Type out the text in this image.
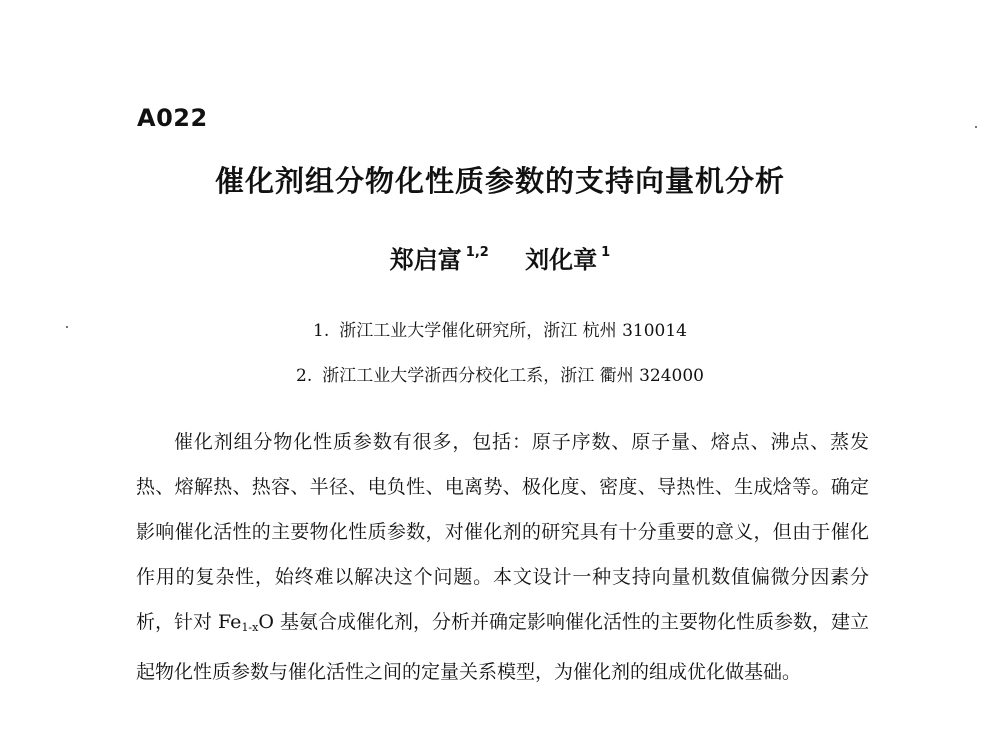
A022
催化剂组分物化性质参数的支持向量机分析
郑启富 $^{1,2}$ 刘化章 $^1$
1. 浙江工业大学催化研究所，浙江 杭州 310014
2. 浙江工业大学浙西分校化工系，浙江 衢州 324000
催化剂组分物化性质参数有很多，包括：原子序数、原子量、熔点、沸点、蒸发热、熔解热、热容、半径、电负性、电离势、极化度、密度、导热性、生成焓等。确定影响催化活性的主要物化性质参数，对催化剂的研究具有十分重要的意义，但由于催化作用的复杂性，始终难以解决这个问题。本文设计一种支持向量机数值偏微分因素分析，针对 $Fe_{1-x}O$ 基氨合成催化剂，分析并确定影响催化活性的主要物化性质参数，建立起物化性质参数与催化活性之间的定量关系模型，为催化剂的组成优化做基础。
